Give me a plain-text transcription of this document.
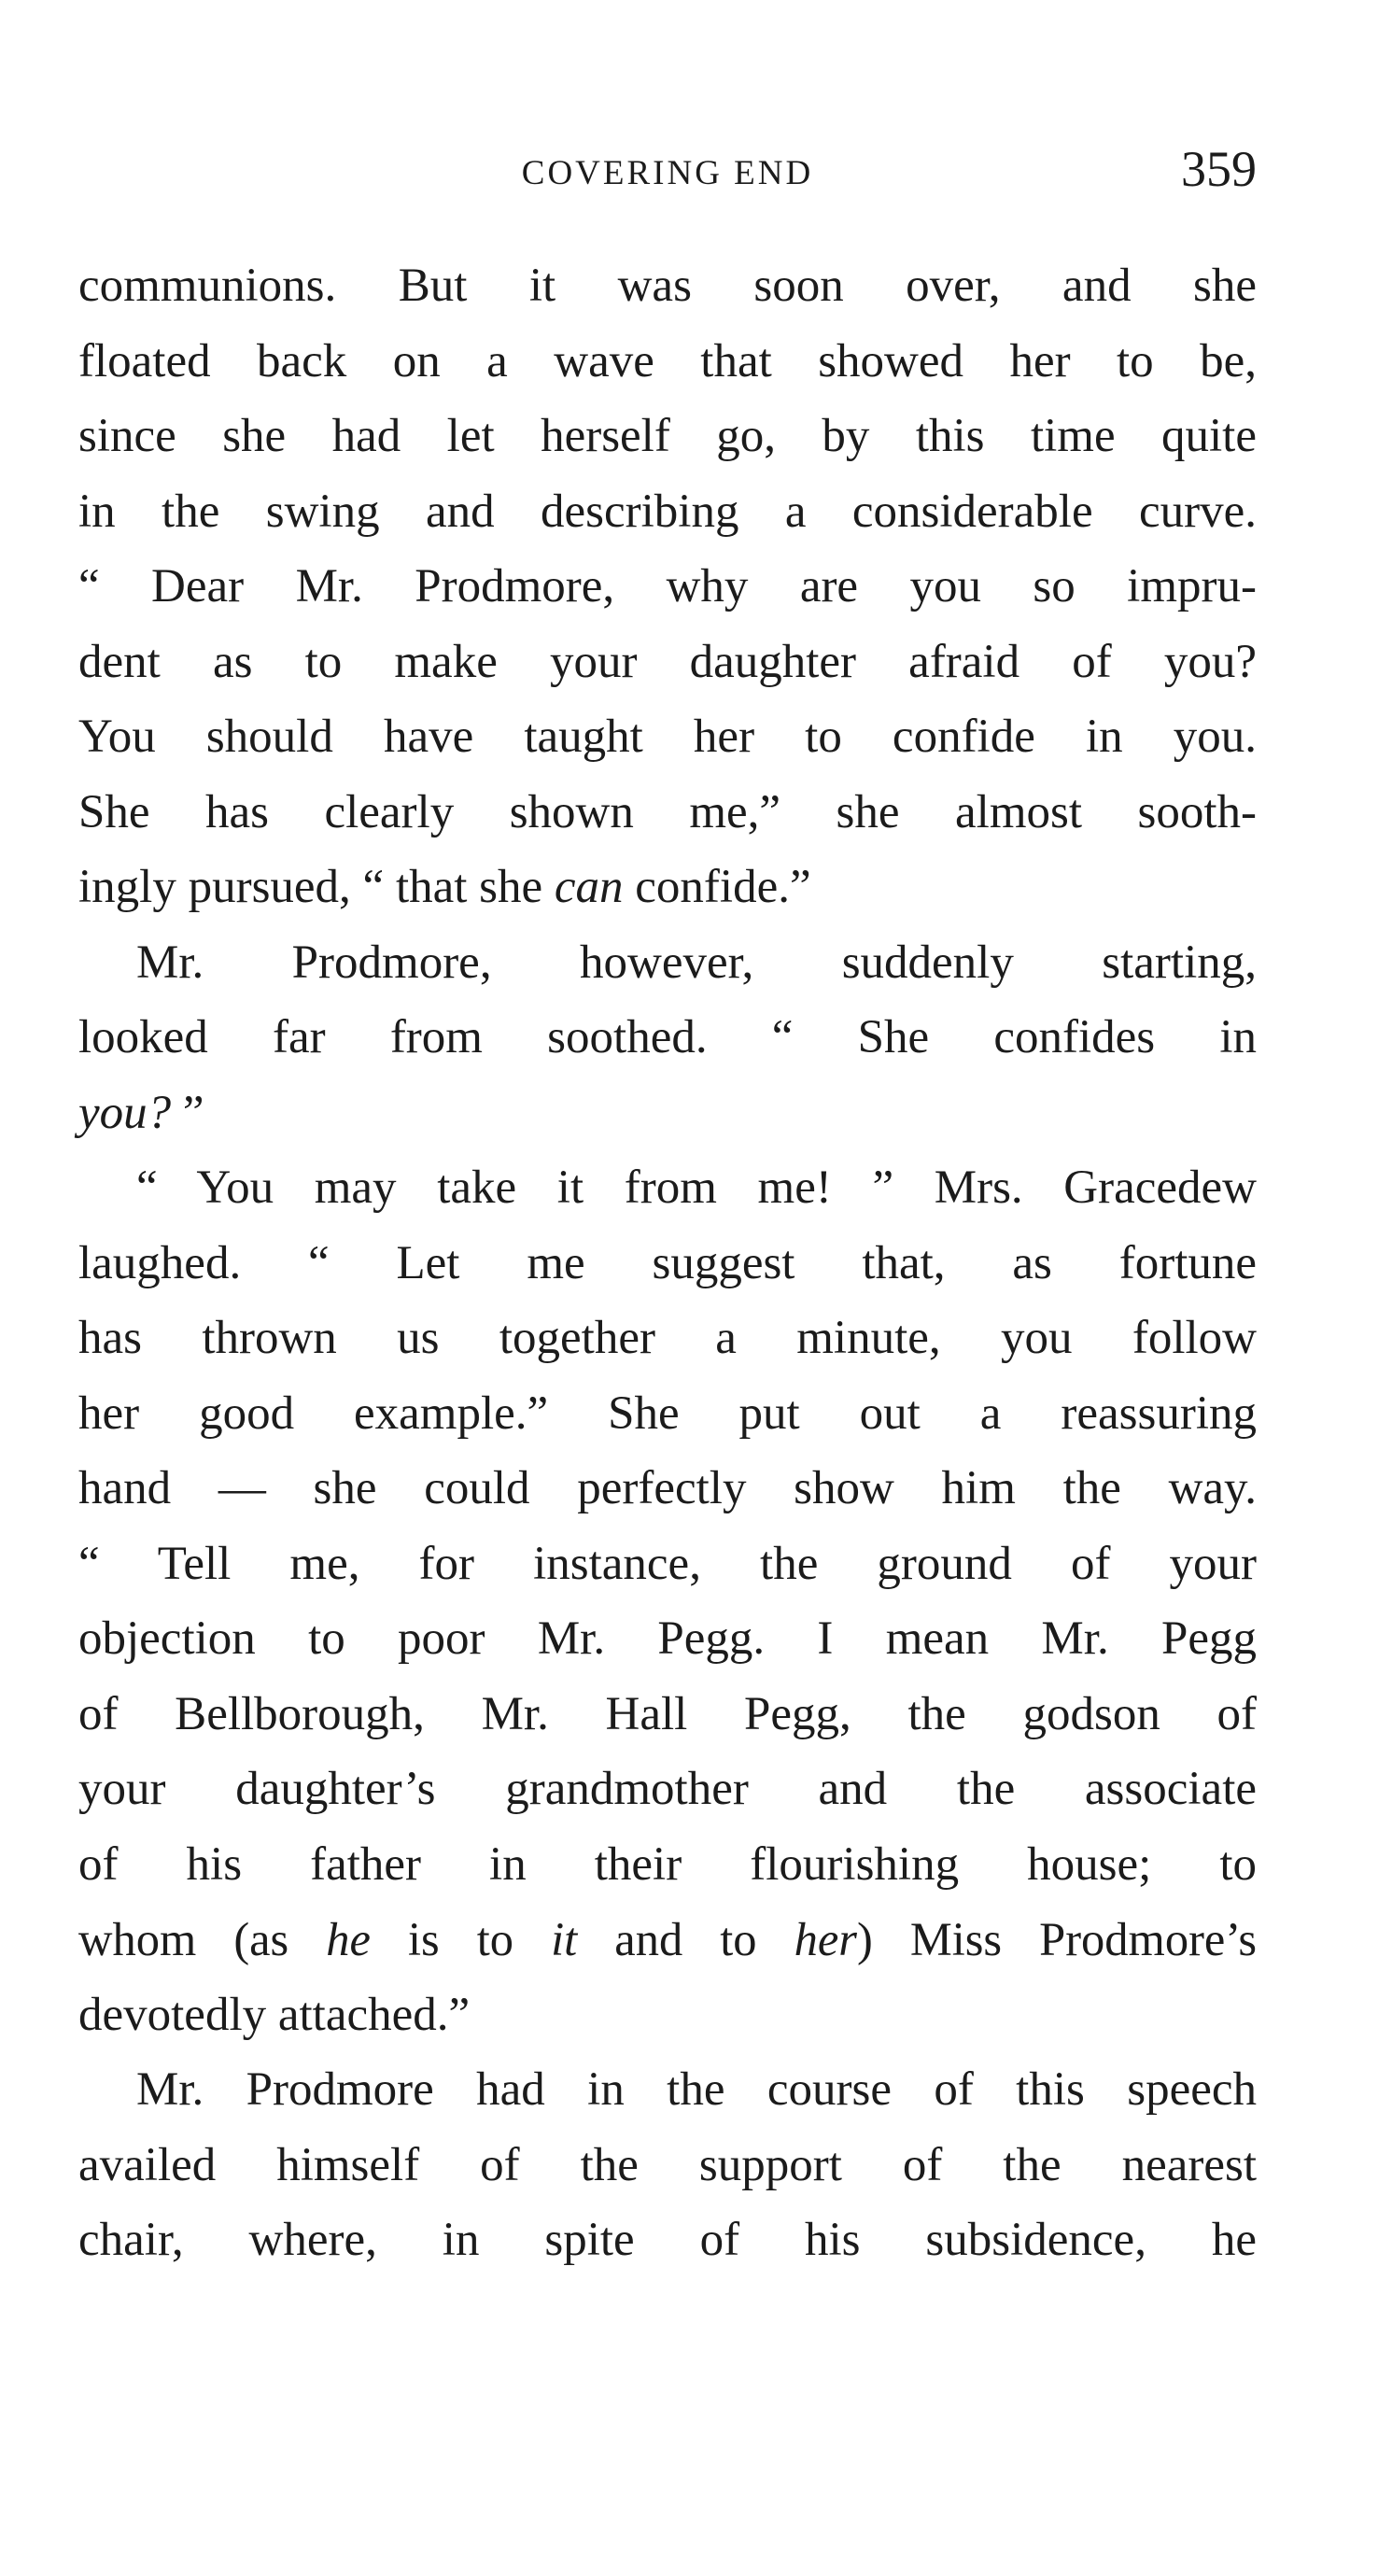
COVERING END	359
communions. But it was soon over, and she
floated back on a wave that showed her to be,
since she had let herself go, by this time quite
in the swing and describing a considerable curve.
“ Dear Mr. Prodmore, why are you so impru-
dent as to make your daughter afraid of you?
You should have taught her to confide in you.
She has clearly shown me,” she almost sooth-
ingly pursued, “ that she can confide.”
Mr. Prodmore, however, suddenly starting,
looked far from soothed. “ She confides in
you? ”
“ You may take it from me! ” Mrs. Gracedew
laughed. “ Let me suggest that, as fortune
has thrown us together a minute, you follow
her good example.” She put out a reassuring
hand — she could perfectly show him the way.
“ Tell me, for instance, the ground of your
objection to poor Mr. Pegg. I mean Mr. Pegg
of Bellborough, Mr. Hall Pegg, the godson of
your daughter’s grandmother and the associate
of his father in their flourishing house; to
whom (as he is to it and to her) Miss Prodmore’s
devotedly attached.”
Mr. Prodmore had in the course of this speech
availed himself of the support of the nearest
chair, where, in spite of his subsidence, he
